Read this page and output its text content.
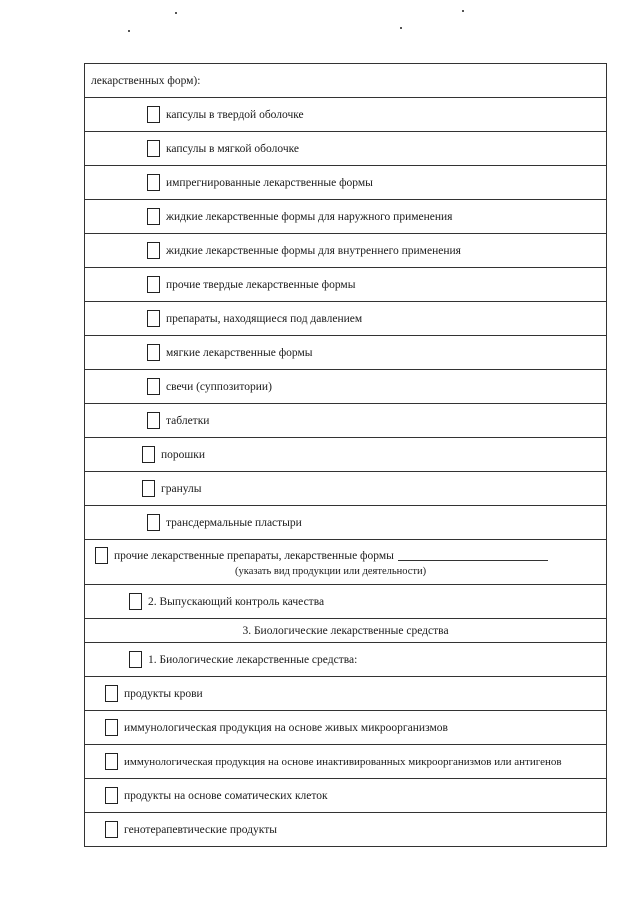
лекарственных форм):
капсулы в твердой оболочке
капсулы в мягкой оболочке
импрегнированные лекарственные формы
жидкие лекарственные формы для наружного применения
жидкие лекарственные формы для внутреннего применения
прочие твердые лекарственные формы
препараты, находящиеся под давлением
мягкие лекарственные формы
свечи (суппозитории)
таблетки
порошки
гранулы
трансдермальные пластыри
прочие лекарственные препараты, лекарственные формы
(указать вид продукции или деятельности)
2. Выпускающий контроль качества
3. Биологические лекарственные средства
1. Биологические лекарственные средства:
продукты крови
иммунологическая продукция на основе живых микроорганизмов
иммунологическая продукция на основе инактивированных микроорганизмов или антигенов
продукты на основе соматических клеток
генотерапевтические продукты
